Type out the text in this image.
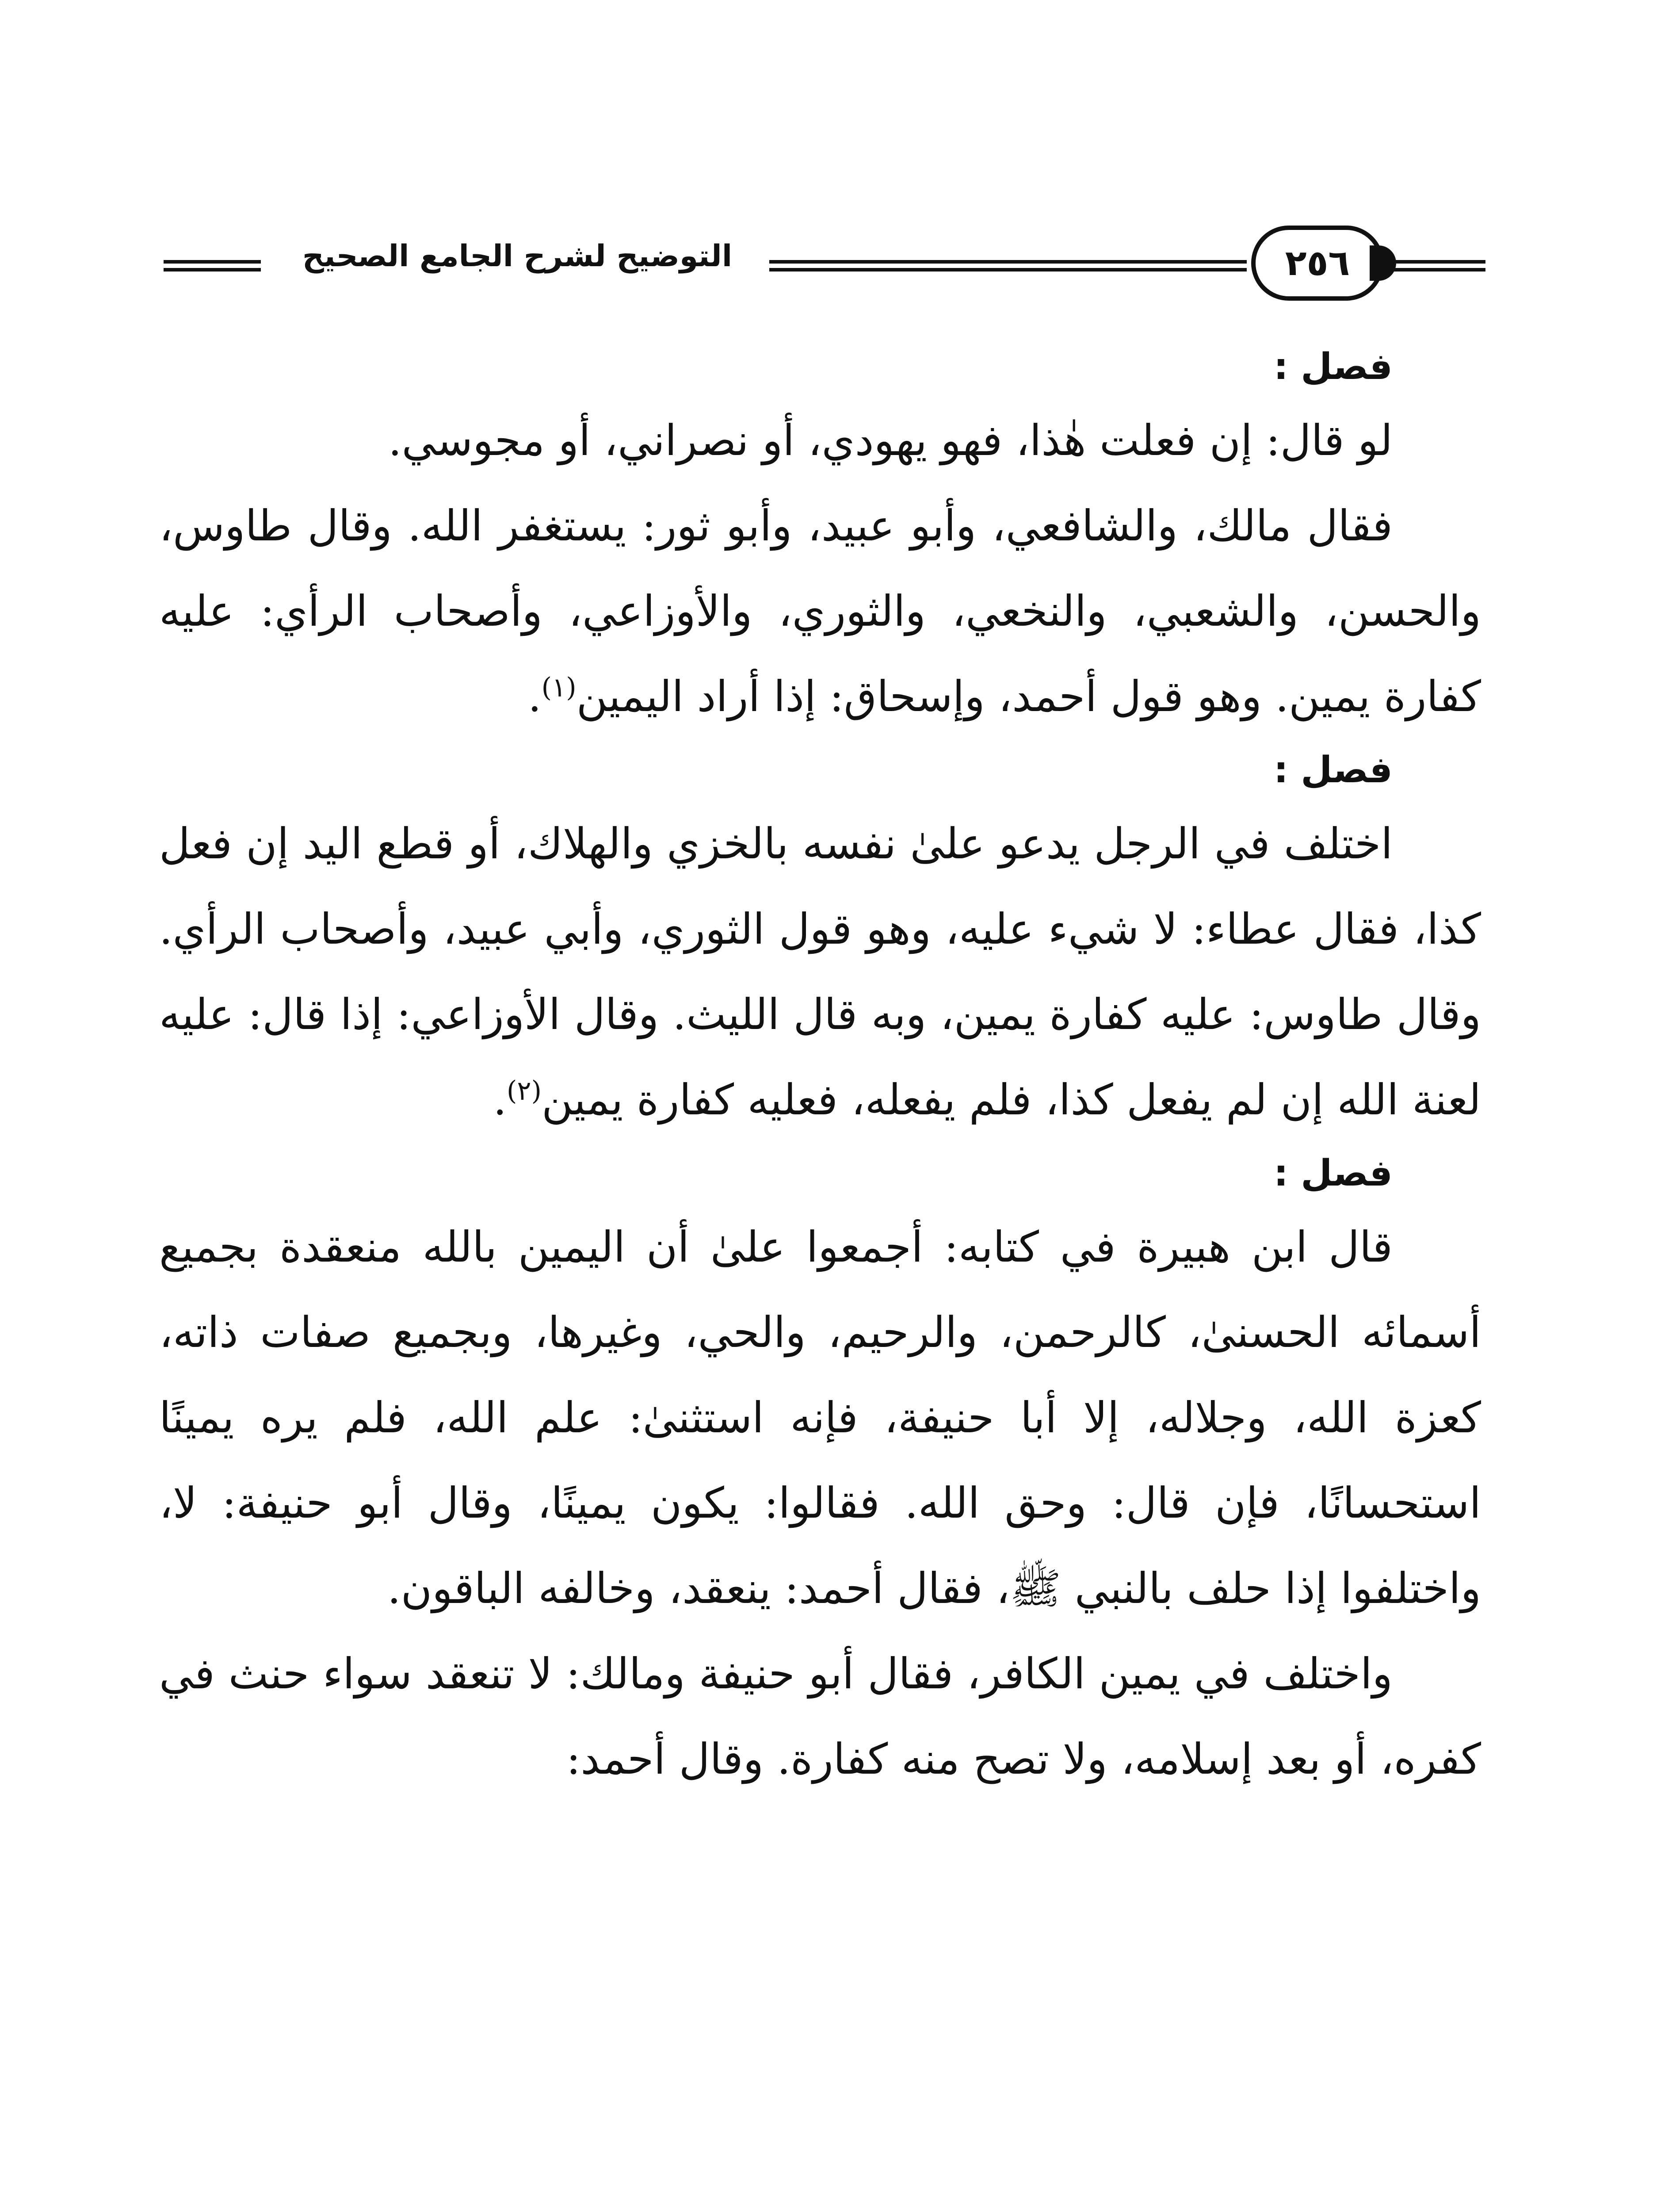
التوضيح لشرح الجامع الصحيح	٢٥٦
فصل :

لو قال: إن فعلت هٰذا، فهو يهودي، أو نصراني، أو مجوسي.

فقال مالك، والشافعي، وأبو عبيد، وأبو ثور: يستغفر الله. وقال طاوس، والحسن، والشعبي، والنخعي، والثوري، والأوزاعي، وأصحاب الرأي: عليه كفارة يمين. وهو قول أحمد، وإسحاق: إذا أراد اليمين$^{(١)}$.

فصل :

اختلف في الرجل يدعو علىٰ نفسه بالخزي والهلاك، أو قطع اليد إن فعل كذا، فقال عطاء: لا شيء عليه، وهو قول الثوري، وأبي عبيد، وأصحاب الرأي. وقال طاوس: عليه كفارة يمين، وبه قال الليث. وقال الأوزاعي: إذا قال: عليه لعنة الله إن لم يفعل كذا، فلم يفعله، فعليه كفارة يمين$^{(٢)}$.

فصل :

قال ابن هبيرة في كتابه: أجمعوا علىٰ أن اليمين بالله منعقدة بجميع أسمائه الحسنىٰ، كالرحمن، والرحيم، والحي، وغيرها، وبجميع صفات ذاته، كعزة الله، وجلاله، إلا أبا حنيفة، فإنه استثنىٰ: علم الله، فلم يره يمينًا استحسانًا، فإن قال: وحق الله. فقالوا: يكون يمينًا، وقال أبو حنيفة: لا، واختلفوا إذا حلف بالنبي ﷺ، فقال أحمد: ينعقد، وخالفه الباقون.

واختلف في يمين الكافر، فقال أبو حنيفة ومالك: لا تنعقد سواء حنث في كفره، أو بعد إسلامه، ولا تصح منه كفارة. وقال أحمد:
